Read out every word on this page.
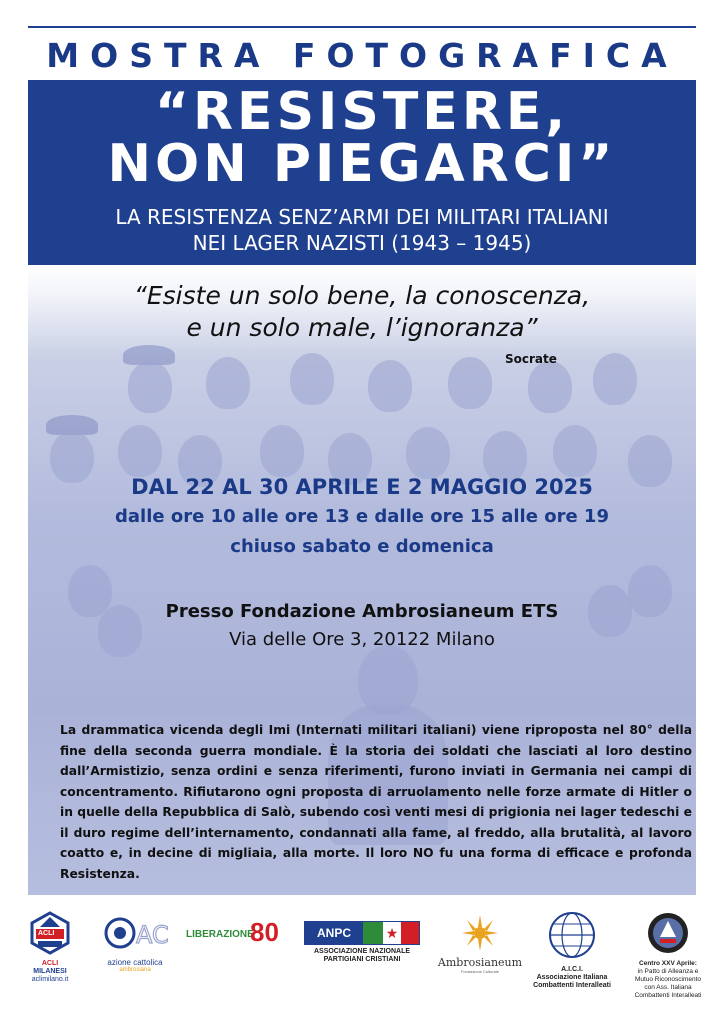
MOSTRA FOTOGRAFICA
“RESISTERE,
NON PIEGARCI”
LA RESISTENZA SENZ’ARMI DEI MILITARI ITALIANI
NEI LAGER NAZISTI (1943 – 1945)
“Esiste un solo bene, la conoscenza,
e un solo male, l’ignoranza”
Socrate
DAL 22 AL 30 APRILE E 2 MAGGIO 2025
dalle ore 10 alle ore 13 e dalle ore 15 alle ore 19
chiuso sabato e domenica
Presso Fondazione Ambrosianeum ETS
Via delle Ore 3, 20122 Milano
La drammatica vicenda degli Imi (Internati militari italiani) viene riproposta nel 80° della fine della seconda guerra mondiale. È la storia dei soldati che lasciati al loro destino dall’Armistizio, senza ordini e senza riferimenti, furono inviati in Germania nei campi di concentramento. Rifiutarono ogni proposta di arruolamento nelle forze armate di Hitler o in quelle della Repubblica di Salò, subendo così venti mesi di prigionia nei lager tedeschi e il duro regime dell’internamento, condannati alla fame, al freddo, alla brutalità, al lavoro coatto e, in decine di migliaia, alla morte. Il loro NO fu una forma di efficace e profonda Resistenza.
ACLI
ACLI
MILANESI
aclimilano.it
AC
azione cattolica
ambrosiana
LIBERAZIONE
80	ANPC	★
ASSOCIAZIONE NAZIONALE
PARTIGIANI CRISTIANI	Ambrosianeum
Fondazione Culturale	A.I.C.I.
Associazione Italiana
Combattenti Interalleati
Centro XXV Aprile:
in Patto di Alleanza e
Mutuo Riconoscimento
con Ass. Italiana
Combattenti Interalleati
